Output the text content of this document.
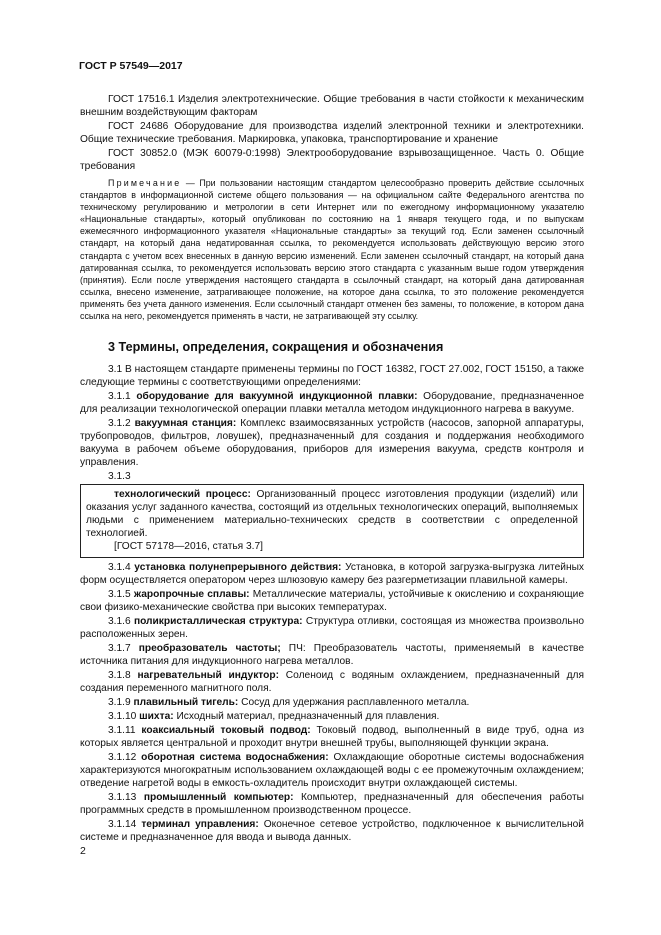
ГОСТ Р 57549—2017

ГОСТ 17516.1 Изделия электротехнические. Общие требования в части стойкости к механическим внешним воздействующим факторам

ГОСТ 24686 Оборудование для производства изделий электронной техники и электротехники. Общие технические требования. Маркировка, упаковка, транспортирование и хранение

ГОСТ 30852.0 (МЭК 60079-0:1998) Электрооборудование взрывозащищенное. Часть 0. Общие требования

Примечание — При пользовании настоящим стандартом целесообразно проверить действие ссылочных стандартов в информационной системе общего пользования — на официальном сайте Федерального агентства по техническому регулированию и метрологии в сети Интернет или по ежегодному информационному указателю «Национальные стандарты», который опубликован по состоянию на 1 января текущего года, и по выпускам ежемесячного информационного указателя «Национальные стандарты» за текущий год. Если заменен ссылочный стандарт, на который дана недатированная ссылка, то рекомендуется использовать действующую версию этого стандарта с учетом всех внесенных в данную версию изменений. Если заменен ссылочный стандарт, на который дана датированная ссылка, то рекомендуется использовать версию этого стандарта с указанным выше годом утверждения (принятия). Если после утверждения настоящего стандарта в ссылочный стандарт, на который дана датированная ссылка, внесено изменение, затрагивающее положение, на которое дана ссылка, то это положение рекомендуется применять без учета данного изменения. Если ссылочный стандарт отменен без замены, то положение, в котором дана ссылка на него, рекомендуется применять в части, не затрагивающей эту ссылку.

3 Термины, определения, сокращения и обозначения

3.1 В настоящем стандарте применены термины по ГОСТ 16382, ГОСТ 27.002, ГОСТ 15150, а также следующие термины с соответствующими определениями:

3.1.1 оборудование для вакуумной индукционной плавки: Оборудование, предназначенное для реализации технологической операции плавки металла методом индукционного нагрева в вакууме.

3.1.2 вакуумная станция: Комплекс взаимосвязанных устройств (насосов, запорной аппаратуры, трубопроводов, фильтров, ловушек), предназначенный для создания и поддержания необходимого вакуума в рабочем объеме оборудования, приборов для измерения вакуума, средств контроля и управления.

3.1.3

технологический процесс: Организованный процесс изготовления продукции (изделий) или оказания услуг заданного качества, состоящий из отдельных технологических операций, выполняемых людьми с применением материально-технических средств в соответствии с определенной технологией.

[ГОСТ 57178—2016, статья 3.7]

3.1.4 установка полунепрерывного действия: Установка, в которой загрузка-выгрузка литейных форм осуществляется оператором через шлюзовую камеру без разгерметизации плавильной камеры.

3.1.5 жаропрочные сплавы: Металлические материалы, устойчивые к окислению и сохраняющие свои физико-механические свойства при высоких температурах.

3.1.6 поликристаллическая структура: Структура отливки, состоящая из множества произвольно расположенных зерен.

3.1.7 преобразователь частоты; ПЧ: Преобразователь частоты, применяемый в качестве источника питания для индукционного нагрева металлов.

3.1.8 нагревательный индуктор: Соленоид с водяным охлаждением, предназначенный для создания переменного магнитного поля.

3.1.9 плавильный тигель: Сосуд для удержания расплавленного металла.

3.1.10 шихта: Исходный материал, предназначенный для плавления.

3.1.11 коаксиальный токовый подвод: Токовый подвод, выполненный в виде труб, одна из которых является центральной и проходит внутри внешней трубы, выполняющей функции экрана.

3.1.12 оборотная система водоснабжения: Охлаждающие оборотные системы водоснабжения характеризуются многократным использованием охлаждающей воды с ее промежуточным охлаждением; отведение нагретой воды в емкость-охладитель происходит внутри охлаждающей системы.

3.1.13 промышленный компьютер: Компьютер, предназначенный для обеспечения работы программных средств в промышленном производственном процессе.

3.1.14 терминал управления: Оконечное сетевое устройство, подключенное к вычислительной системе и предназначенное для ввода и вывода данных.

2
